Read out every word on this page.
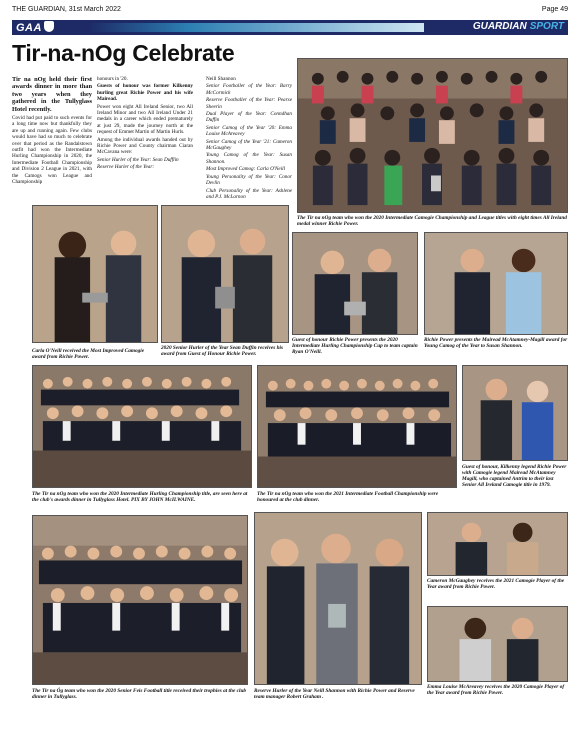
THE GUARDIAN, 31st March 2022	Page 49
GAA	GUARDIAN SPORT
Tir-na-nOg Celebrate

Tir na nOg held their first awards dinner in more than two years when they gathered in the Tullyglass Hotel recently.

Covid had put paid to such events for a long time now but thankfully they are up and running again. Few clubs would have had so much to celebrate over that period as the Randalstown outfit had won the Intermediate Hurling Championship in 2020, the Intermediate Football Championship and Division 2 League in 2021, with the Camogs won League and Championship

honours in '20.

Guests of honour was former Kilkenny hurling great Richie Power and his wife Mairead.

Power won eight All Ireland Senior, two All Ireland Minor and two All Ireland Under 21 medals in a career which ended prematurely at just 29, made the journey north at the request of Emmet Martin of Martin Hurls.

Among the individual awards handed out by Richie Power and County chairman Ciaran McCavana were:

Senior Hurler of the Year: Sean Dufflin

Reserve Hurler of the Year:

Neill Shannon

Senior Footballer of the Year: Barry McCormick

Reserve Footballer of the Year: Pearse Sheerin

Dual Player of the Year: Conndhan Duffin

Senior Camog of the Year '20: Emma Louise McAreavey

Senior Camog of the Year '21: Cameron McGaughey

Young Camog of the Year: Susan Shannon.

Most Improved Camog: Carla O'Neill

Young Personality of the Year: Conor Devlin

Club Personality of the Year: Ashlene and P.J. McLarnon

The Tir na nOg team who won the 2020 Intermediate Camogie Championship and League titles with eight times All Ireland medal winner Richie Power.
Carla O'Neill received the Most Improved Camogie award from Richie Power.
2020 Senior Hurler of the Year Sean Duffin receives his award from Guest of Honour Richie Power.
Guest of honour Richie Power presents the 2020 Intermediate Hurling Championship Cup to team captain Ryan O'Neill.
Richie Power presents the Mairead McAtamney-Magill award for Young Camog of the Year to Susan Shannon.
The Tir na nOg team who won the 2020 Intermediate Hurling Championship title, are seen here at the club's awards dinner in Tullyglass Hotel. PIX BY JOHN McILWAINE.
The Tir na nOg team who won the 2021 Intermediate Football Championship were honoured at the club dinner.
Guest of honour, Kilkenny legend Richie Power with Camogie legend Mairead McAtamney Magill, who captained Antrim to their last Senior All Ireland Camogie title in 1979.
The Tir na Óg team who won the 2020 Senior Feis Football title received their trophies at the club dinner in Tullyglass.
Reserve Hurler of the Year Neill Shannon with Richie Power and Reserve team manager Robert Graham .
Cameron McGaughey receives the 2021 Camogie Player of the Year award from Richie Power.
Emma Louise McAreavey receives the 2020 Camogie Player of the Year award from Richie Power.
